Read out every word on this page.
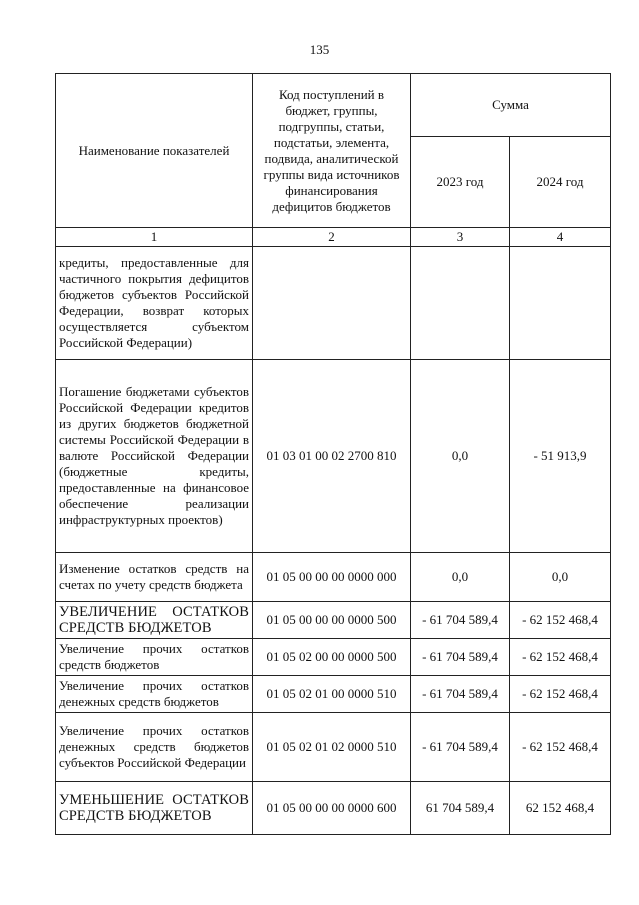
135
Наименование показателей	Код поступлений в бюджет, группы, подгруппы, статьи, подстатьи, элемента, подвида, аналитической группы вида источников финансирования дефицитов бюджетов	Сумма	
		2023 год	2024 год
1	2	3	4
кредиты, предоставленные для частичного покрытия дефицитов бюджетов субъектов Российской Федерации, возврат которых осуществляется субъектом Российской Федерации)			
Погашение бюджетами субъектов Российской Федерации кредитов из других бюджетов бюджетной системы Российской Федерации в валюте Российской Федерации (бюджетные кредиты, предоставленные на финансовое обеспечение реализации инфраструктурных проектов)	01 03 01 00 02 2700 810	0,0	- 51 913,9
Изменение остатков средств на счетах по учету средств бюджета	01 05 00 00 00 0000 000	0,0	0,0
УВЕЛИЧЕНИЕ ОСТАТКОВ СРЕДСТВ БЮДЖЕТОВ	01 05 00 00 00 0000 500	- 61 704 589,4	- 62 152 468,4
Увеличение прочих остатков средств бюджетов	01 05 02 00 00 0000 500	- 61 704 589,4	- 62 152 468,4
Увеличение прочих остатков денежных средств бюджетов	01 05 02 01 00 0000 510	- 61 704 589,4	- 62 152 468,4
Увеличение прочих остатков денежных средств бюджетов субъектов Российской Федерации	01 05 02 01 02 0000 510	- 61 704 589,4	- 62 152 468,4
УМЕНЬШЕНИЕ ОСТАТКОВ СРЕДСТВ БЮДЖЕТОВ	01 05 00 00 00 0000 600	61 704 589,4	62 152 468,4
